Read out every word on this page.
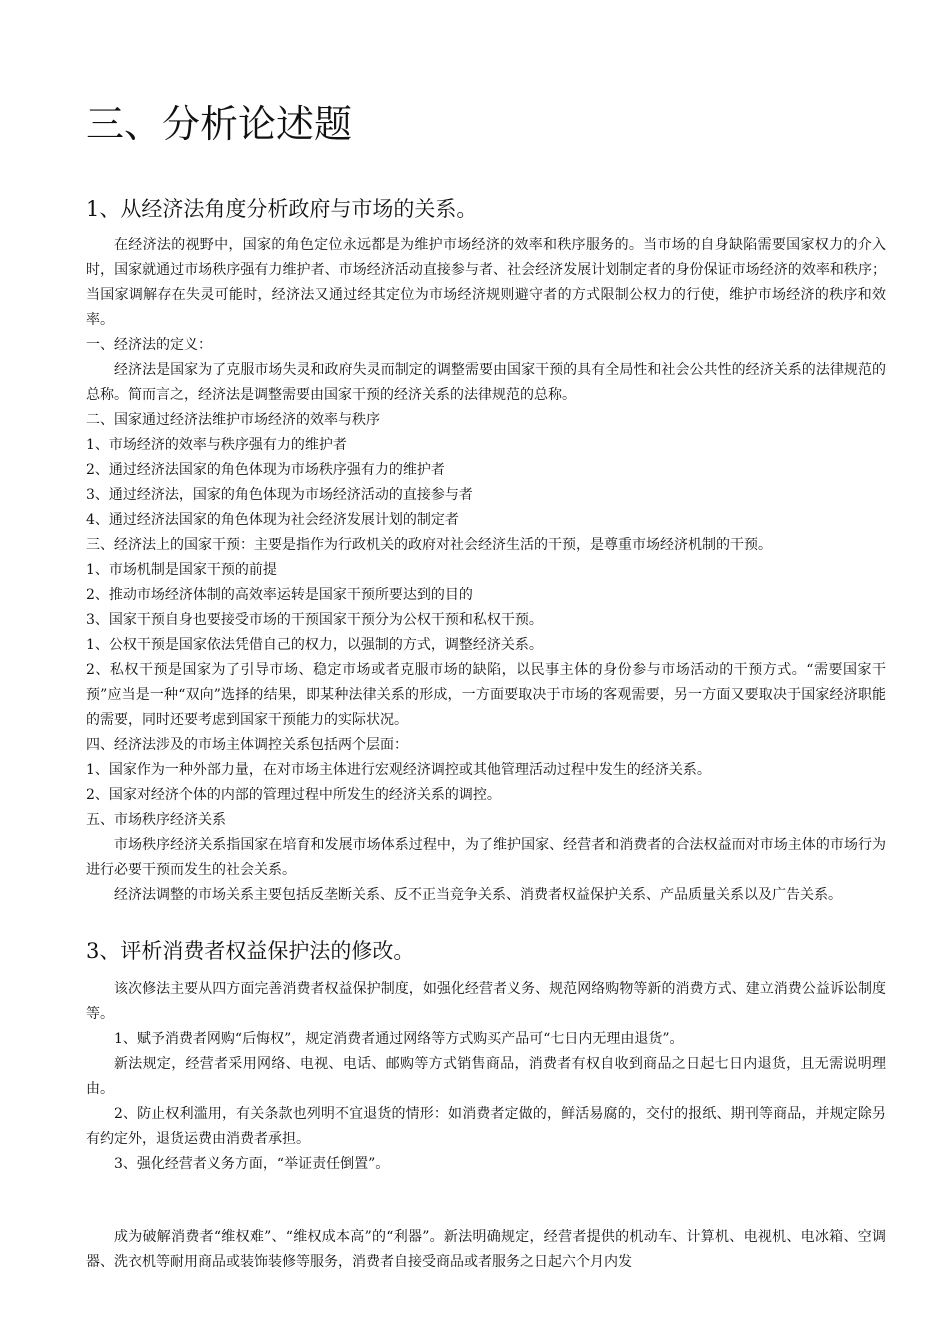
三、分析论述题
1、从经济法角度分析政府与市场的关系。

在经济法的视野中，国家的角色定位永远都是为维护市场经济的效率和秩序服务的。当市场的自身缺陷需要国家权力的介入时，国家就通过市场秩序强有力维护者、市场经济活动直接参与者、社会经济发展计划制定者的身份保证市场经济的效率和秩序；当国家调解存在失灵可能时，经济法又通过经其定位为市场经济规则避守者的方式限制公权力的行使，维护市场经济的秩序和效率。

一、经济法的定义：

经济法是国家为了克服市场失灵和政府失灵而制定的调整需要由国家干预的具有全局性和社会公共性的经济关系的法律规范的总称。简而言之，经济法是调整需要由国家干预的经济关系的法律规范的总称。

二、国家通过经济法维护市场经济的效率与秩序

1、市场经济的效率与秩序强有力的维护者

2、通过经济法国家的角色体现为市场秩序强有力的维护者

3、通过经济法，国家的角色体现为市场经济活动的直接参与者

4、通过经济法国家的角色体现为社会经济发展计划的制定者

三、经济法上的国家干预：主要是指作为行政机关的政府对社会经济生活的干预，是尊重市场经济机制的干预。

1、市场机制是国家干预的前提

2、推动市场经济体制的高效率运转是国家干预所要达到的目的

3、国家干预自身也要接受市场的干预国家干预分为公权干预和私权干预。

1、公权干预是国家依法凭借自己的权力，以强制的方式，调整经济关系。

2、私权干预是国家为了引导市场、稳定市场或者克服市场的缺陷，以民事主体的身份参与市场活动的干预方式。“需要国家干预”应当是一种“双向”选择的结果，即某种法律关系的形成，一方面要取决于市场的客观需要，另一方面又要取决于国家经济职能的需要，同时还要考虑到国家干预能力的实际状况。

四、经济法涉及的市场主体调控关系包括两个层面：

1、国家作为一种外部力量，在对市场主体进行宏观经济调控或其他管理活动过程中发生的经济关系。

2、国家对经济个体的内部的管理过程中所发生的经济关系的调控。

五、市场秩序经济关系

市场秩序经济关系指国家在培育和发展市场体系过程中，为了维护国家、经营者和消费者的合法权益而对市场主体的市场行为进行必要干预而发生的社会关系。

经济法调整的市场关系主要包括反垄断关系、反不正当竞争关系、消费者权益保护关系、产品质量关系以及广告关系。

3、评析消费者权益保护法的修改。

该次修法主要从四方面完善消费者权益保护制度，如强化经营者义务、规范网络购物等新的消费方式、建立消费公益诉讼制度等。

1、赋予消费者网购“后悔权”，规定消费者通过网络等方式购买产品可“七日内无理由退货”。

新法规定，经营者采用网络、电视、电话、邮购等方式销售商品，消费者有权自收到商品之日起七日内退货，且无需说明理由。

2、防止权利滥用，有关条款也列明不宜退货的情形：如消费者定做的，鲜活易腐的，交付的报纸、期刊等商品，并规定除另有约定外，退货运费由消费者承担。

3、强化经营者义务方面，“举证责任倒置”。

成为破解消费者“维权难”、“维权成本高”的“利器”。新法明确规定，经营者提供的机动车、计算机、电视机、电冰箱、空调器、洗衣机等耐用商品或装饰装修等服务，消费者自接受商品或者服务之日起六个月内发
